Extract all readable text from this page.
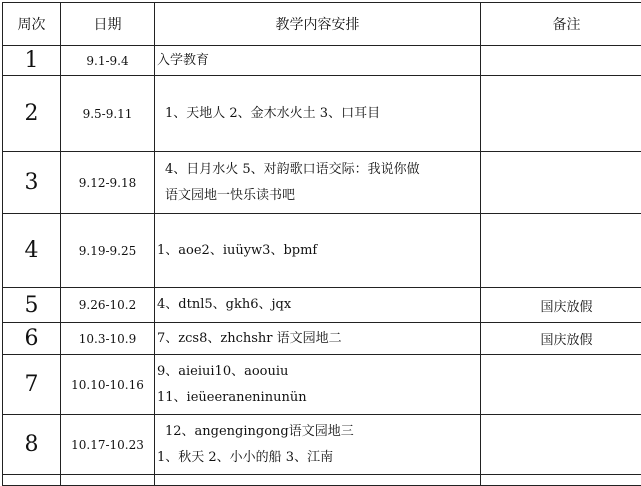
周次	日期	教学内容安排	备注
1	9.1-9.4	入学教育	

2	9.5-9.11	1、天地人 2、金木水火土 3、口耳目	

3	9.12-9.18	4、日月水火 5、对韵歌口语交际：我说你做
语文园地一快乐读书吧	

4	9.19-9.25	1、aoe2、iuüyw3、bpmf	

5	9.26-10.2	4、dtnl5、gkh6、jqx	国庆放假
6	10.3-10.9	7、zcs8、zhchshr 语文园地二	国庆放假
7	10.10-10.16	9、aieiui10、aoouiu
11、ieüeeraneninunün	

8	10.17-10.23	12、angengingong语文园地三
1、秋天 2、小小的船 3、江南	
